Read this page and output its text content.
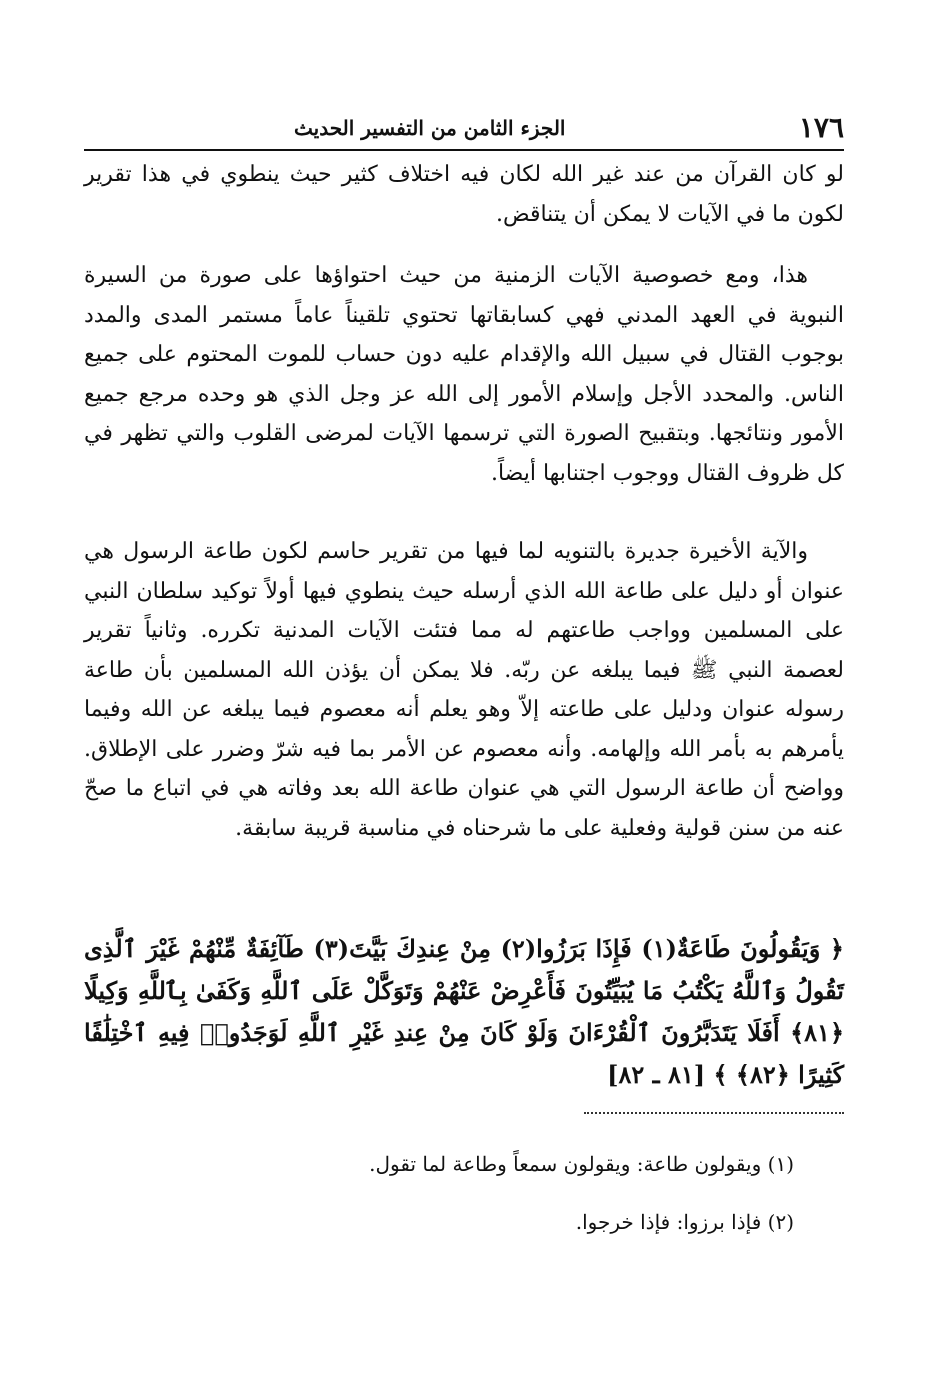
١٧٦
الجزء الثامن من التفسير الحديث

لو كان القرآن من عند غير الله لكان فيه اختلاف كثير حيث ينطوي في هذا تقرير لكون ما في الآيات لا يمكن أن يتناقض.

هذا، ومع خصوصية الآيات الزمنية من حيث احتواؤها على صورة من السيرة النبوية في العهد المدني فهي كسابقاتها تحتوي تلقيناً عاماً مستمر المدى والمدد بوجوب القتال في سبيل الله والإقدام عليه دون حساب للموت المحتوم على جميع الناس. والمحدد الأجل وإسلام الأمور إلى الله عز وجل الذي هو وحده مرجع جميع الأمور ونتائجها. وبتقبيح الصورة التي ترسمها الآيات لمرضى القلوب والتي تظهر في كل ظروف القتال ووجوب اجتنابها أيضاً.

والآية الأخيرة جديرة بالتنويه لما فيها من تقرير حاسم لكون طاعة الرسول هي عنوان أو دليل على طاعة الله الذي أرسله حيث ينطوي فيها أولاً توكيد سلطان النبي على المسلمين وواجب طاعتهم له مما فتئت الآيات المدنية تكرره. وثانياً تقرير لعصمة النبي ﷺ فيما يبلغه عن ربّه. فلا يمكن أن يؤذن الله المسلمين بأن طاعة رسوله عنوان ودليل على طاعته إلاّ وهو يعلم أنه معصوم فيما يبلغه عن الله وفيما يأمرهم به بأمر الله وإلهامه. وأنه معصوم عن الأمر بما فيه شرّ وضرر على الإطلاق. وواضح أن طاعة الرسول التي هي عنوان طاعة الله بعد وفاته هي في اتباع ما صحّ عنه من سنن قولية وفعلية على ما شرحناه في مناسبة قريبة سابقة.

﴿ وَيَقُولُونَ طَاعَةٌ(١) فَإِذَا بَرَزُوا(٢) مِنْ عِندِكَ بَيَّتَ(٣) طَآئِفَةٌ مِّنْهُمْ غَيْرَ ٱلَّذِى تَقُولُ وَٱللَّهُ يَكْتُبُ مَا يُبَيِّتُونَ فَأَعْرِضْ عَنْهُمْ وَتَوَكَّلْ عَلَى ٱللَّهِ وَكَفَىٰ بِٱللَّهِ وَكِيلًا ﴿٨١﴾ أَفَلَا يَتَدَبَّرُونَ ٱلْقُرْءَانَ وَلَوْ كَانَ مِنْ عِندِ غَيْرِ ٱللَّهِ لَوَجَدُوا۟ فِيهِ ٱخْتِلَٰفًا كَثِيرًا ﴿٨٢﴾ ﴾ [٨١ ـ ٨٢]

(١) ويقولون طاعة: ويقولون سمعاً وطاعة لما تقول.

(٢) فإذا برزوا: فإذا خرجوا.
